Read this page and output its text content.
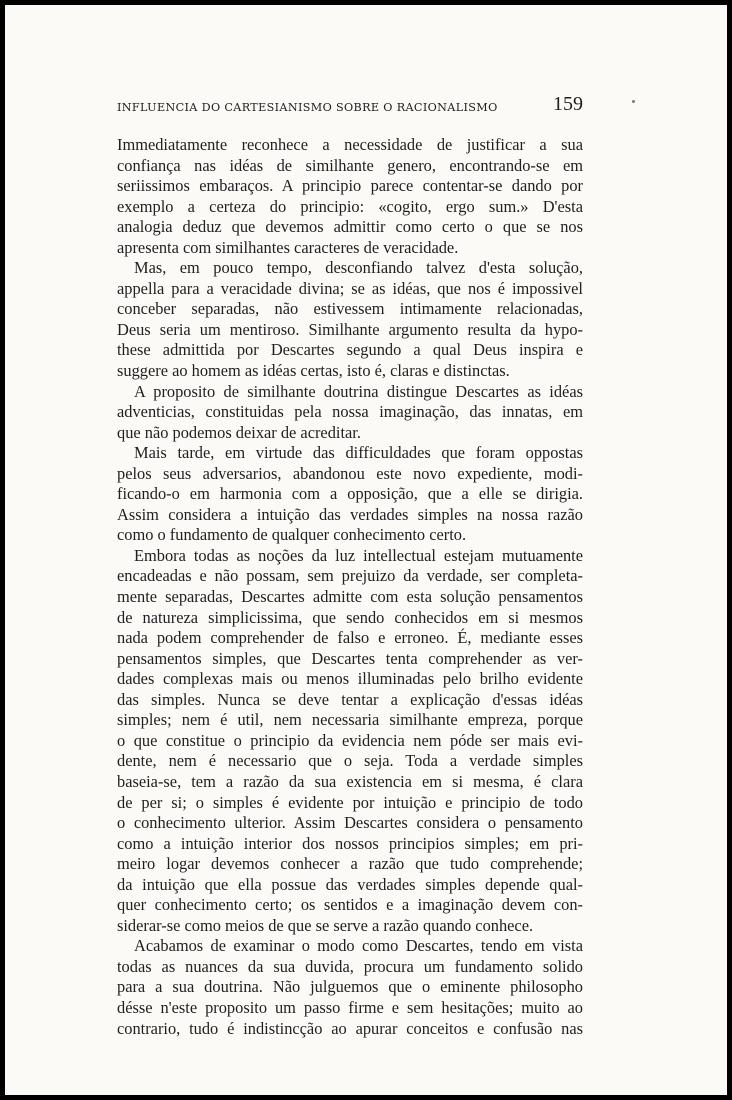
INFLUENCIA DO CARTESIANISMO SOBRE O RACIONALISMO	159
Immediatamente reconhece a necessidade de justificar a sua
confiança nas idéas de similhante genero, encontrando-se em
seriissimos embaraços. A principio parece contentar-se dando por
exemplo a certeza do principio: «cogito, ergo sum.» D'esta
analogia deduz que devemos admittir como certo o que se nos
apresenta com similhantes caracteres de veracidade.
Mas, em pouco tempo, desconfiando talvez d'esta solução,
appella para a veracidade divina; se as idéas, que nos é impossivel
conceber separadas, não estivessem intimamente relacionadas,
Deus seria um mentiroso. Similhante argumento resulta da hypo-
these admittida por Descartes segundo a qual Deus inspira e
suggere ao homem as idéas certas, isto é, claras e distinctas.
A proposito de similhante doutrina distingue Descartes as idéas
adventicias, constituidas pela nossa imaginação, das innatas, em
que não podemos deixar de acreditar.
Mais tarde, em virtude das difficuldades que foram oppostas
pelos seus adversarios, abandonou este novo expediente, modi-
ficando-o em harmonia com a opposição, que a elle se dirigia.
Assim considera a intuição das verdades simples na nossa razão
como o fundamento de qualquer conhecimento certo.
Embora todas as noções da luz intellectual estejam mutuamente
encadeadas e não possam, sem prejuizo da verdade, ser completa-
mente separadas, Descartes admitte com esta solução pensamentos
de natureza simplicissima, que sendo conhecidos em si mesmos
nada podem comprehender de falso e erroneo. É, mediante esses
pensamentos simples, que Descartes tenta comprehender as ver-
dades complexas mais ou menos illuminadas pelo brilho evidente
das simples. Nunca se deve tentar a explicação d'essas idéas
simples; nem é util, nem necessaria similhante empreza, porque
o que constitue o principio da evidencia nem póde ser mais evi-
dente, nem é necessario que o seja. Toda a verdade simples
baseia-se, tem a razão da sua existencia em si mesma, é clara
de per si; o simples é evidente por intuição e principio de todo
o conhecimento ulterior. Assim Descartes considera o pensamento
como a intuição interior dos nossos principios simples; em pri-
meiro logar devemos conhecer a razão que tudo comprehende;
da intuição que ella possue das verdades simples depende qual-
quer conhecimento certo; os sentidos e a imaginação devem con-
siderar-se como meios de que se serve a razão quando conhece.
Acabamos de examinar o modo como Descartes, tendo em vista
todas as nuances da sua duvida, procura um fundamento solido
para a sua doutrina. Não julguemos que o eminente philosopho
désse n'este proposito um passo firme e sem hesitações; muito ao
contrario, tudo é indistincção ao apurar conceitos e confusão nas
